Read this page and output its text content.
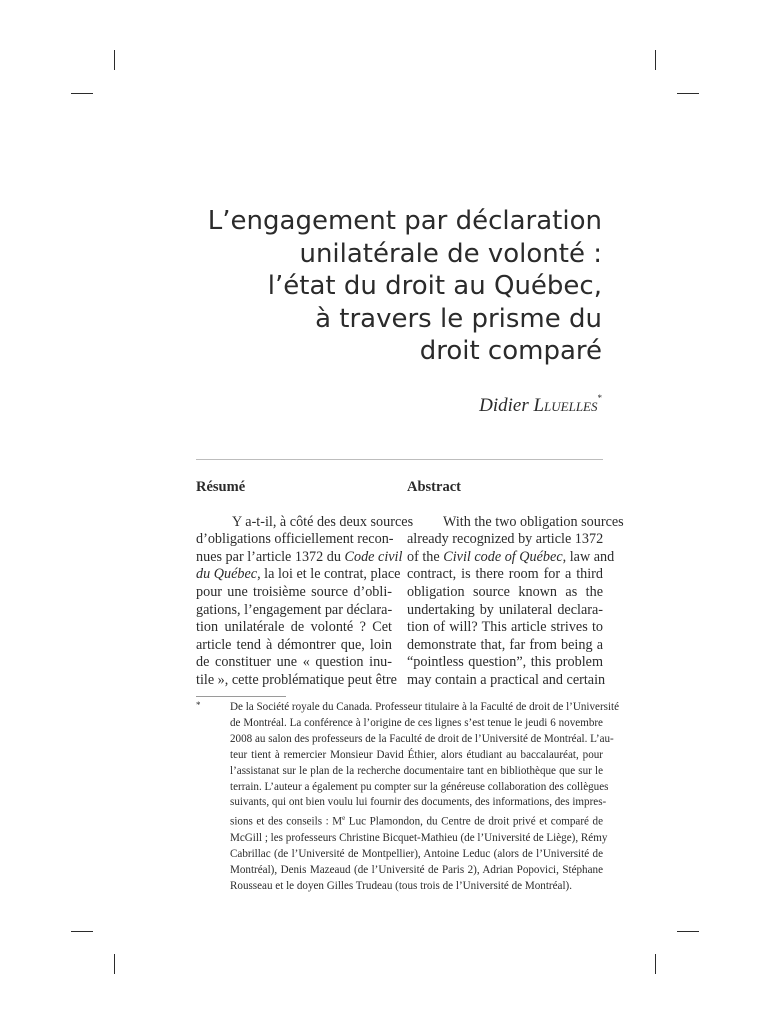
L’engagement par déclaration
unilatérale de volonté :
l’état du droit au Québec,
à travers le prisme du
droit comparé
Didier Lluelles*
Résumé
Y a-t-il, à côté des deux sources
d’obligations officiellement recon-
nues par l’article 1372 du Code civil
du Québec, la loi et le contrat, place
pour une troisième source d’obli-
gations, l’engagement par déclara-
tion unilatérale de volonté ? Cet
article tend à démontrer que, loin
de constituer une « question inu-
tile », cette problématique peut être
Abstract
With the two obligation sources
already recognized by article 1372
of the Civil code of Québec, law and
contract, is there room for a third
obligation source known as the
undertaking by unilateral declara-
tion of will? This article strives to
demonstrate that, far from being a
“pointless question”, this problem
may contain a practical and certain
*	De la Société royale du Canada. Professeur titulaire à la Faculté de droit de l’Université
de Montréal. La conférence à l’origine de ces lignes s’est tenue le jeudi 6 novembre
2008 au salon des professeurs de la Faculté de droit de l’Université de Montréal. L’au-
teur tient à remercier Monsieur David Éthier, alors étudiant au baccalauréat, pour
l’assistanat sur le plan de la recherche documentaire tant en bibliothèque que sur le
terrain. L’auteur a également pu compter sur la généreuse collaboration des collègues
suivants, qui ont bien voulu lui fournir des documents, des informations, des impres-
sions et des conseils : Me Luc Plamondon, du Centre de droit privé et comparé de
McGill ; les professeurs Christine Bicquet-Mathieu (de l’Université de Liège), Rémy
Cabrillac (de l’Université de Montpellier), Antoine Leduc (alors de l’Université de
Montréal), Denis Mazeaud (de l’Université de Paris 2), Adrian Popovici, Stéphane
Rousseau et le doyen Gilles Trudeau (tous trois de l’Université de Montréal).
